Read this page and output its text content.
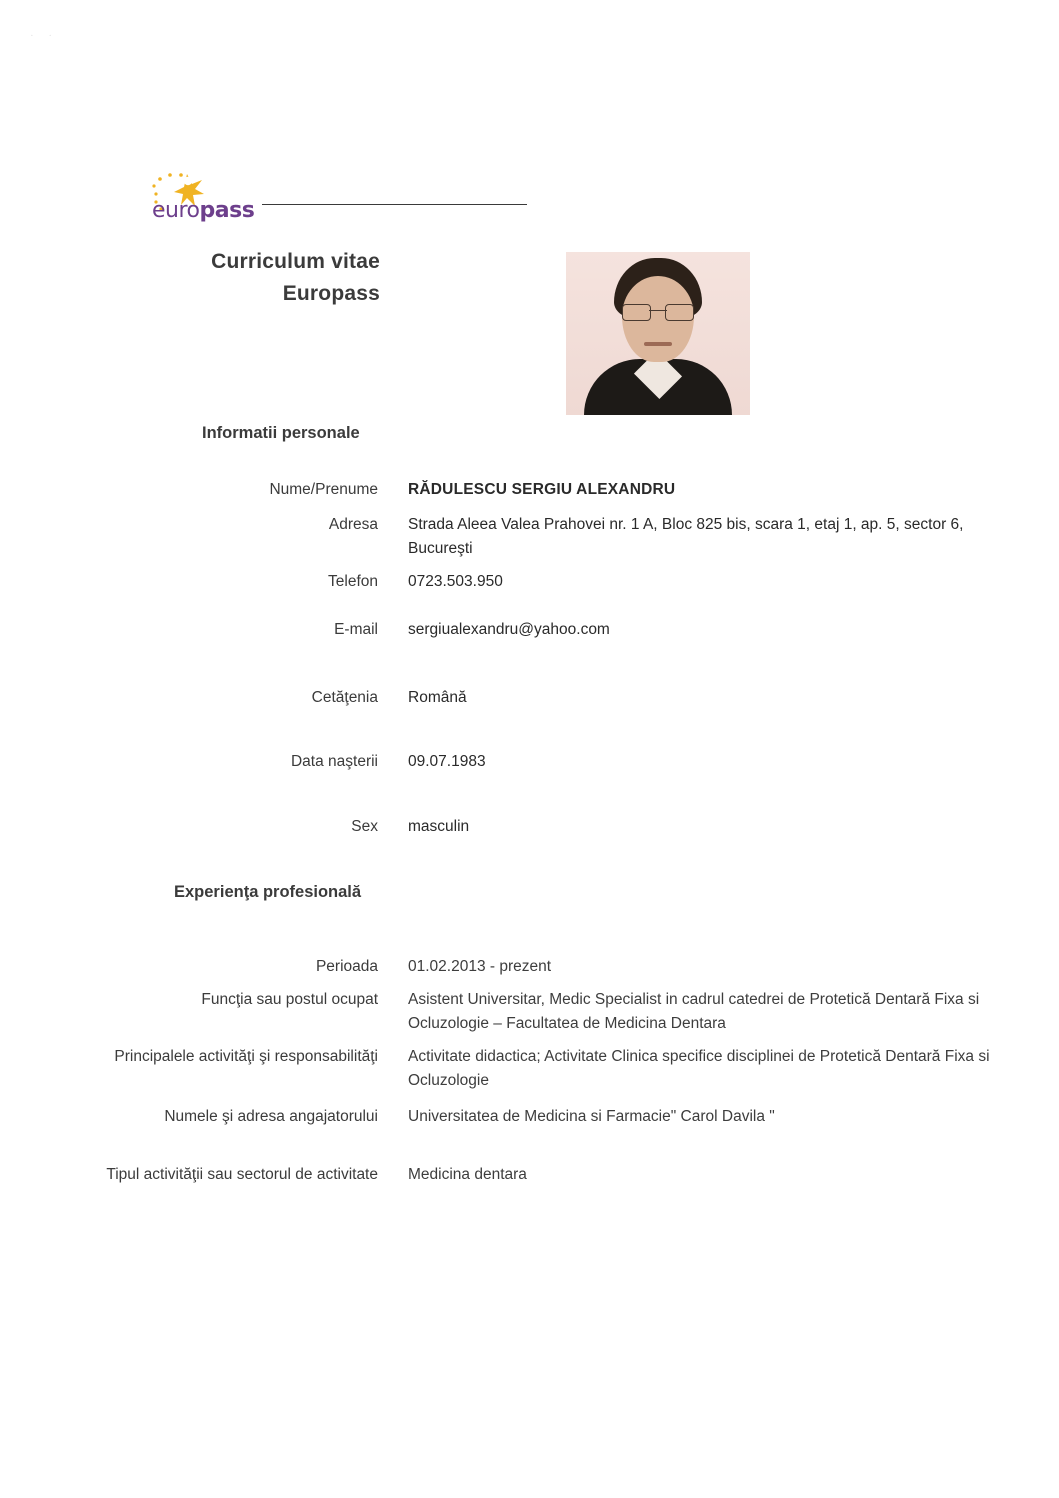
· ·
europass
Curriculum vitae
Europass
Informatii personale
Nume/Prenume RĂDULESCU SERGIU ALEXANDRU
Adresa Strada Aleea Valea Prahovei nr. 1 A, Bloc 825 bis, scara 1, etaj 1, ap. 5, sector 6, Bucureşti
Telefon 0723.503.950
E-mail sergiualexandru@yahoo.com
Cetăţenia Română
Data naşterii 09.07.1983
Sex masculin
Experienţa profesională
Perioada 01.02.2013 - prezent
Funcţia sau postul ocupat Asistent Universitar, Medic Specialist in cadrul catedrei de Protetică Dentară Fixa si Ocluzologie – Facultatea de Medicina Dentara
Principalele activităţi şi responsabilităţi Activitate didactica; Activitate Clinica specifice disciplinei de Protetică Dentară Fixa si Ocluzologie
Numele şi adresa angajatorului Universitatea de Medicina si Farmacie" Carol Davila "
Tipul activităţii sau sectorul de activitate Medicina dentara
